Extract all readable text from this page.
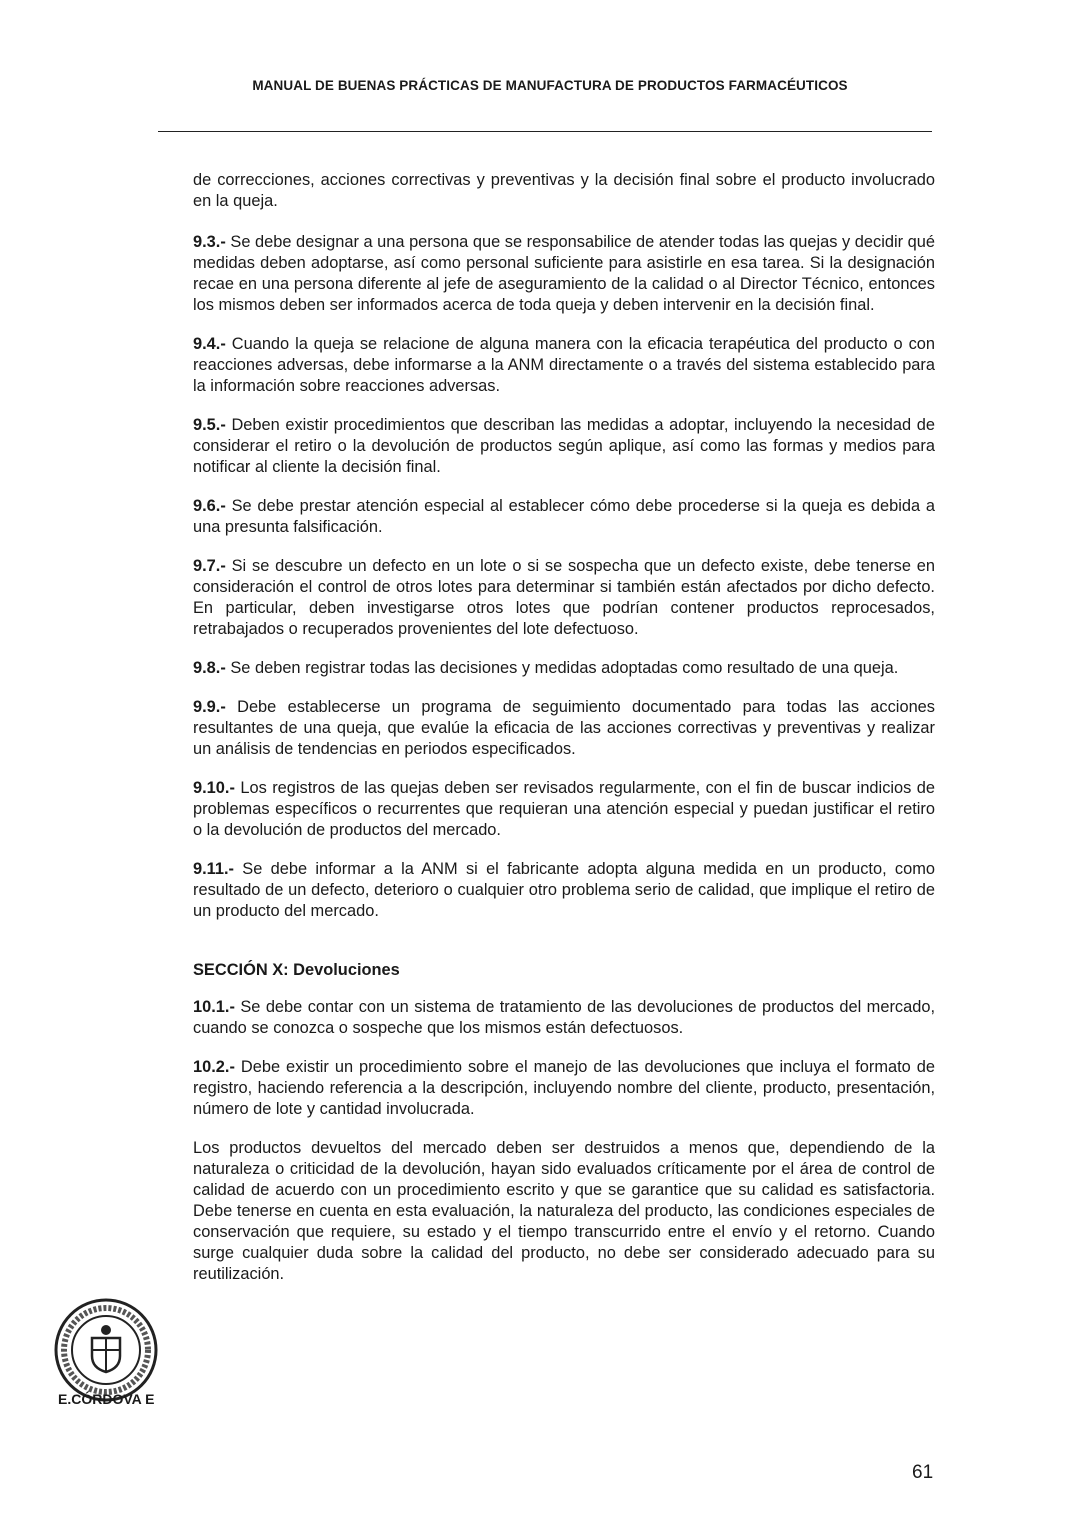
MANUAL DE BUENAS PRÁCTICAS DE MANUFACTURA DE PRODUCTOS FARMACÉUTICOS

de correcciones, acciones correctivas y preventivas y la decisión final sobre el producto involucrado en la queja.

9.3.- Se debe designar a una persona que se responsabilice de atender todas las quejas y decidir qué medidas deben adoptarse, así como personal suficiente para asistirle en esa tarea. Si la designación recae en una persona diferente al jefe de aseguramiento de la calidad o al Director Técnico, entonces los mismos deben ser informados acerca de toda queja y deben intervenir en la decisión final.

9.4.- Cuando la queja se relacione de alguna manera con la eficacia terapéutica del producto o con reacciones adversas, debe informarse a la ANM directamente o a través del sistema establecido para la información sobre reacciones adversas.

9.5.- Deben existir procedimientos que describan las medidas a adoptar, incluyendo la necesidad de considerar el retiro o la devolución de productos según aplique, así como las formas y medios para notificar al cliente la decisión final.

9.6.- Se debe prestar atención especial al establecer cómo debe procederse si la queja es debida a una presunta falsificación.

9.7.- Si se descubre un defecto en un lote o si se sospecha que un defecto existe, debe tenerse en consideración el control de otros lotes para determinar si también están afectados por dicho defecto. En particular, deben investigarse otros lotes que podrían contener productos reprocesados, retrabajados o recuperados provenientes del lote defectuoso.

9.8.- Se deben registrar todas las decisiones y medidas adoptadas como resultado de una queja.

9.9.- Debe establecerse un programa de seguimiento documentado para todas las acciones resultantes de una queja, que evalúe la eficacia de las acciones correctivas y preventivas y realizar un análisis de tendencias en periodos especificados.

9.10.- Los registros de las quejas deben ser revisados regularmente, con el fin de buscar indicios de problemas específicos o recurrentes que requieran una atención especial y puedan justificar el retiro o la devolución de productos del mercado.

9.11.- Se debe informar a la ANM si el fabricante adopta alguna medida en un producto, como resultado de un defecto, deterioro o cualquier otro problema serio de calidad, que implique el retiro de un producto del mercado.

SECCIÓN X: Devoluciones

10.1.- Se debe contar con un sistema de tratamiento de las devoluciones de productos del mercado, cuando se conozca o sospeche que los mismos están defectuosos.

10.2.- Debe existir un procedimiento sobre el manejo de las devoluciones que incluya el formato de registro, haciendo referencia a la descripción, incluyendo nombre del cliente, producto, presentación, número de lote y cantidad involucrada.

Los productos devueltos del mercado deben ser destruidos a menos que, dependiendo de la naturaleza o criticidad de la devolución, hayan sido evaluados críticamente por el área de control de calidad de acuerdo con un procedimiento escrito y que se garantice que su calidad es satisfactoria. Debe tenerse en cuenta en esta evaluación, la naturaleza del producto, las condiciones especiales de conservación que requiere, su estado y el tiempo transcurrido entre el envío y el retorno. Cuando surge cualquier duda sobre la calidad del producto, no debe ser considerado adecuado para su reutilización.

E.CÓRDOVA E
61
